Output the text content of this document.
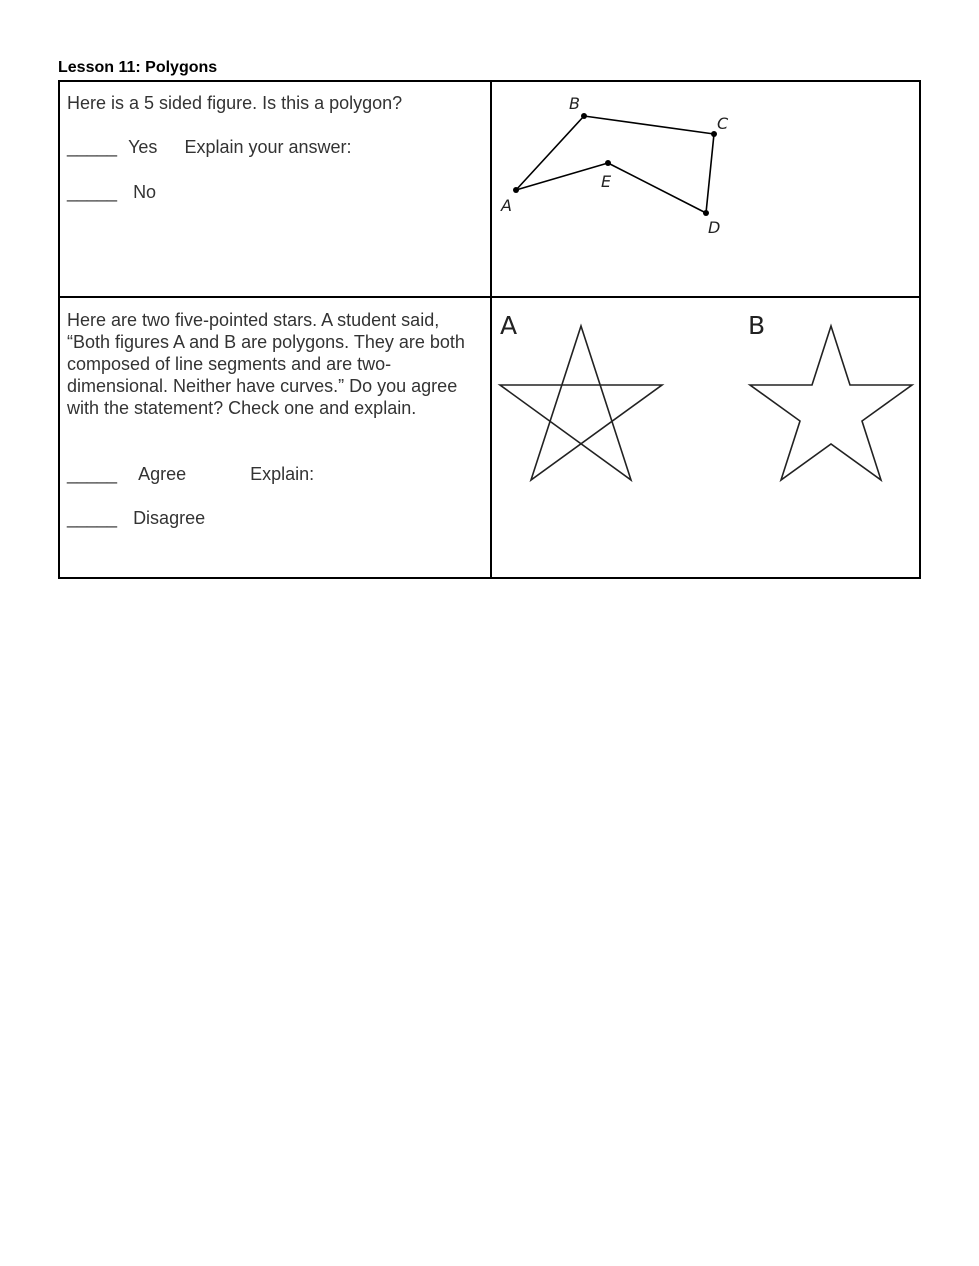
Lesson 11: Polygons
Here is a 5 sided figure. Is this a polygon?
_____ Yes Explain your answer:
_____ No
A
B
C
D
E
Here are two five-pointed stars. A student said, “Both figures A and B are polygons. They are both composed of line segments and are two-dimensional. Neither have curves.” Do you agree with the statement? Check one and explain.
_____ Agree	Explain:
_____ Disagree
A	B
